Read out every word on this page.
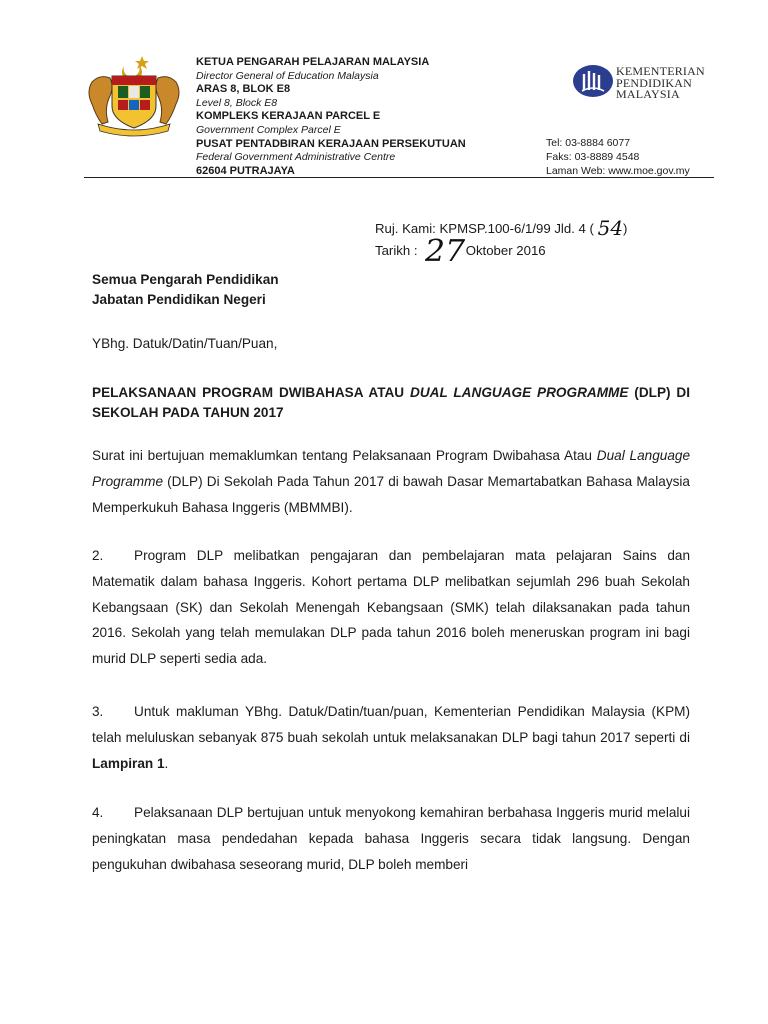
KETUA PENGARAH PELAJARAN MALAYSIA
Director General of Education Malaysia
ARAS 8, BLOK E8
Level 8, Block E8
KOMPLEKS KERAJAAN PARCEL E
Government Complex Parcel E
PUSAT PENTADBIRAN KERAJAAN PERSEKUTUAN
Federal Government Administrative Centre
62604 PUTRAJAYA
KEMENTERIAN
PENDIDIKAN
MALAYSIA
Tel: 03-8884 6077
Faks: 03-8889 4548
Laman Web: www.moe.gov.my
Ruj. Kami: KPMSP.100-6/1/99 Jld. 4 ( 54)
Tarikh : 27Oktober 2016
Semua Pengarah Pendidikan
Jabatan Pendidikan Negeri
YBhg. Datuk/Datin/Tuan/Puan,
PELAKSANAAN PROGRAM DWIBAHASA ATAU DUAL LANGUAGE PROGRAMME (DLP) DI SEKOLAH PADA TAHUN 2017

Surat ini bertujuan memaklumkan tentang Pelaksanaan Program Dwibahasa Atau Dual Language Programme (DLP) Di Sekolah Pada Tahun 2017 di bawah Dasar Memartabatkan Bahasa Malaysia Memperkukuh Bahasa Inggeris (MBMMBI).

2. Program DLP melibatkan pengajaran dan pembelajaran mata pelajaran Sains dan Matematik dalam bahasa Inggeris. Kohort pertama DLP melibatkan sejumlah 296 buah Sekolah Kebangsaan (SK) dan Sekolah Menengah Kebangsaan (SMK) telah dilaksanakan pada tahun 2016. Sekolah yang telah memulakan DLP pada tahun 2016 boleh meneruskan program ini bagi murid DLP seperti sedia ada.

3. Untuk makluman YBhg. Datuk/Datin/tuan/puan, Kementerian Pendidikan Malaysia (KPM) telah meluluskan sebanyak 875 buah sekolah untuk melaksanakan DLP bagi tahun 2017 seperti di Lampiran 1.

4. Pelaksanaan DLP bertujuan untuk menyokong kemahiran berbahasa Inggeris murid melalui peningkatan masa pendedahan kepada bahasa Inggeris secara tidak langsung. Dengan pengukuhan dwibahasa seseorang murid, DLP boleh memberi
